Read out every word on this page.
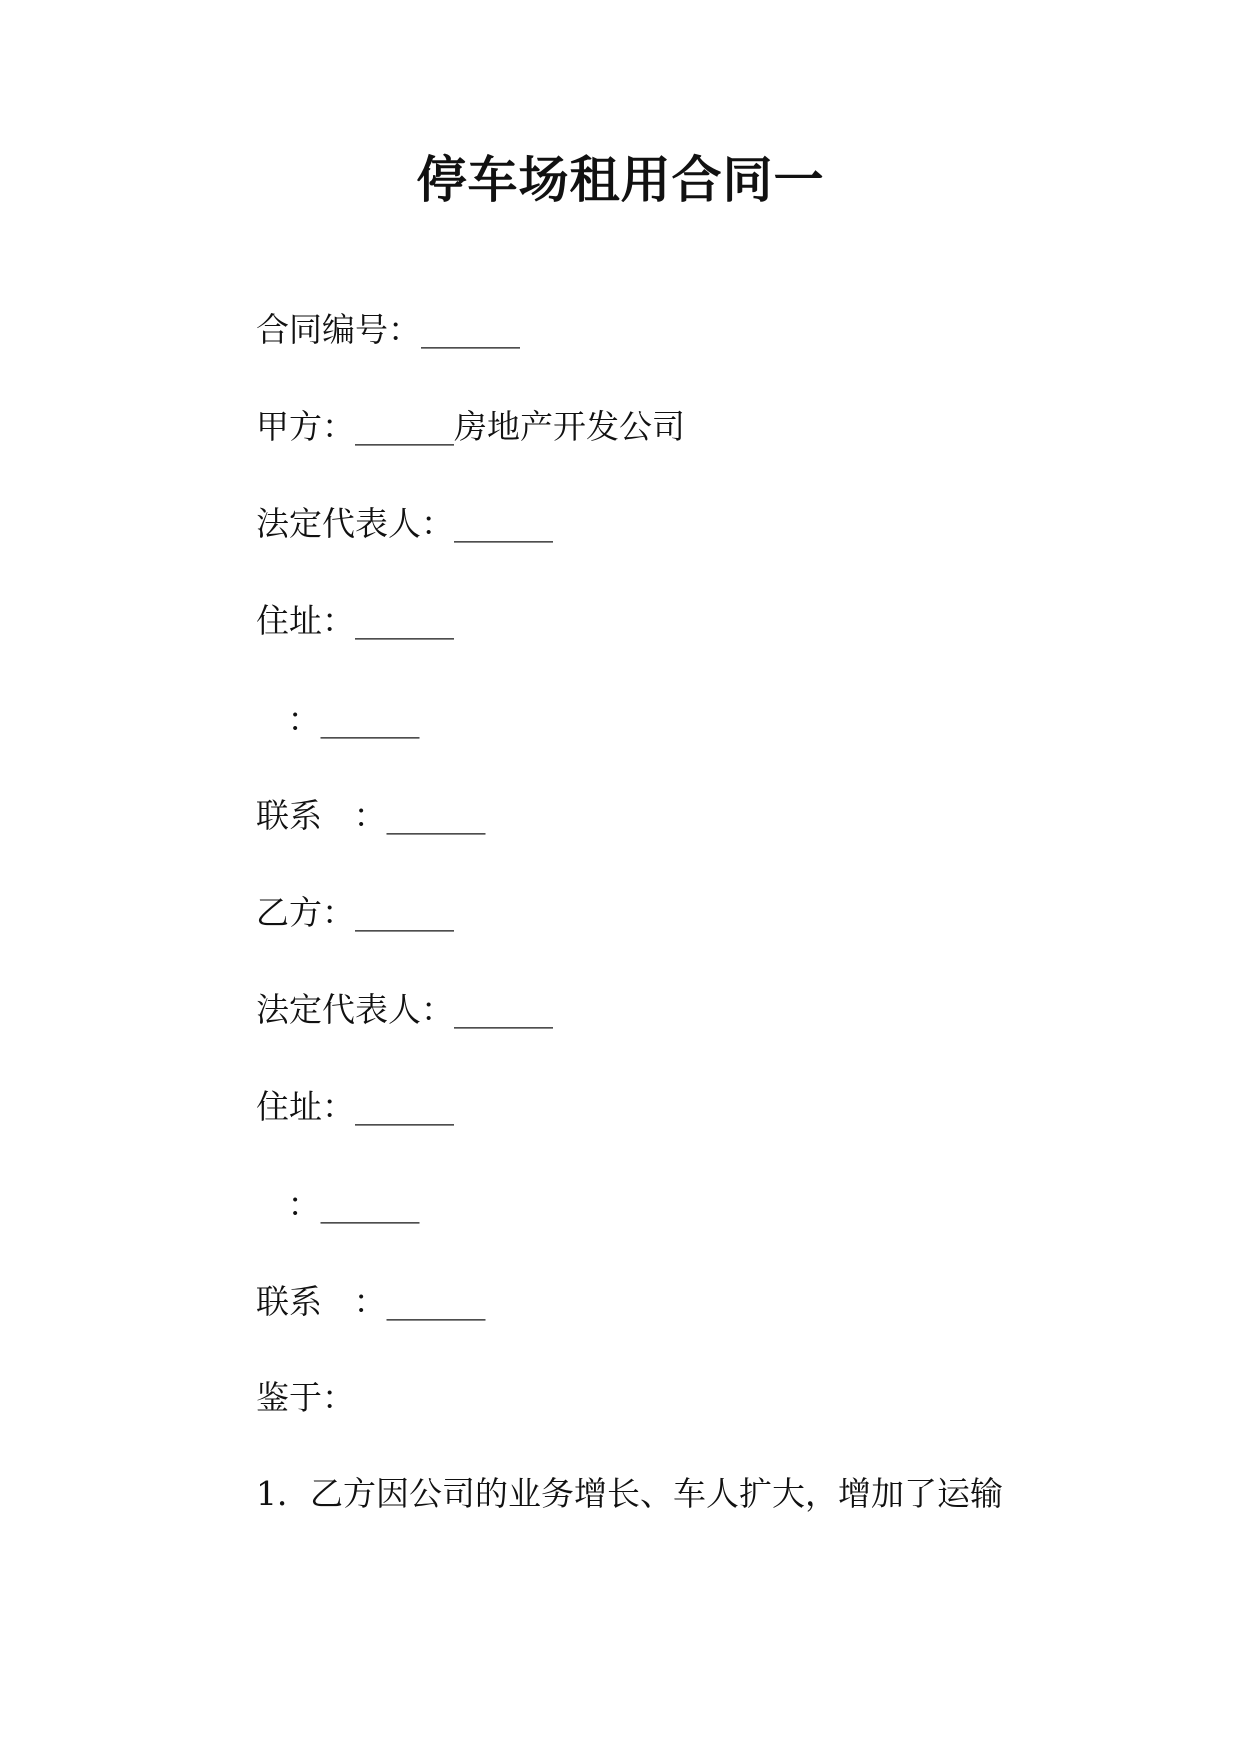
停车场租用合同一
合同编号：______
甲方：______房地产开发公司
法定代表人：______
住址：______
：______
联系   ：______
乙方：______
法定代表人：______
住址：______
：______
联系   ：______
鉴于：
1．乙方因公司的业务增长、车人扩大，增加了运输
